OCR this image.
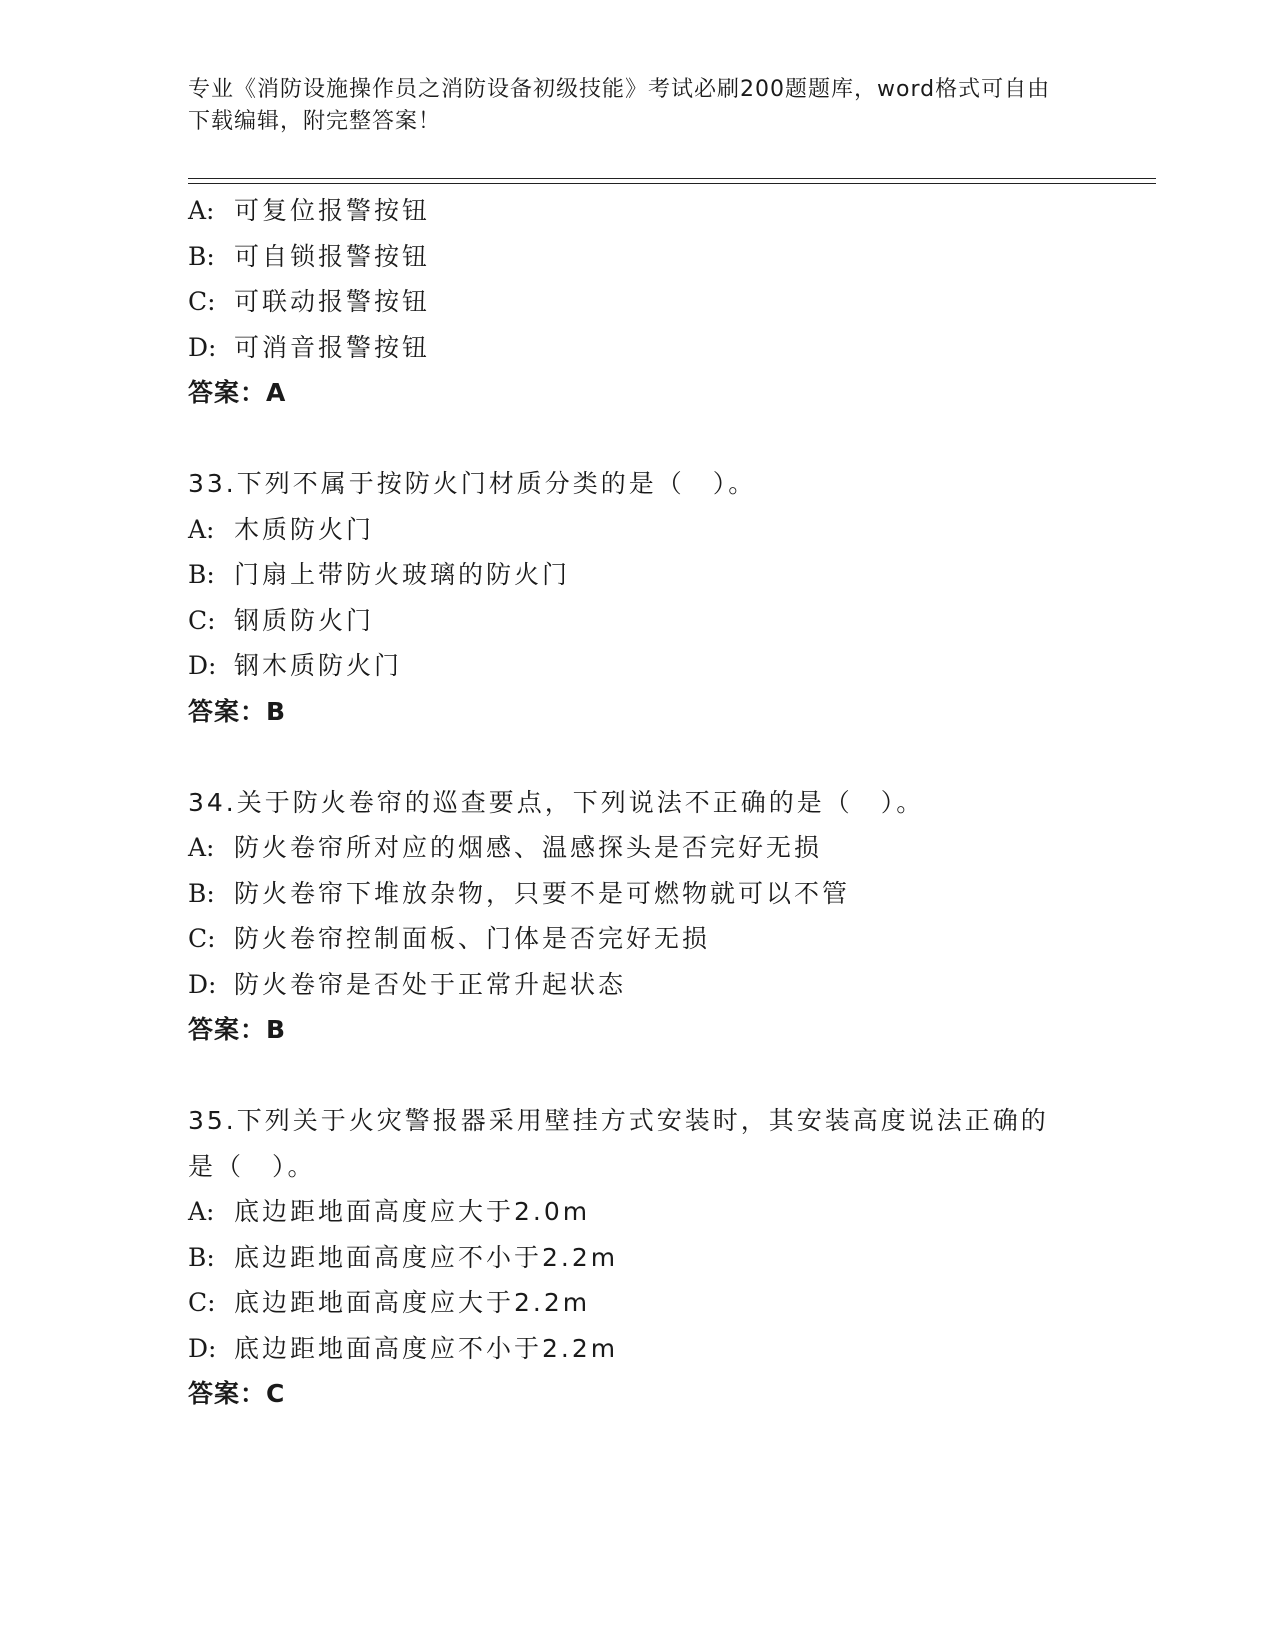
专业《消防设施操作员之消防设备初级技能》考试必刷200题题库，word格式可自由下载编辑，附完整答案！
A: 可复位报警按钮
B: 可自锁报警按钮
C: 可联动报警按钮
D: 可消音报警按钮
答案：A
33.下列不属于按防火门材质分类的是（　）。
A: 木质防火门
B: 门扇上带防火玻璃的防火门
C: 钢质防火门
D: 钢木质防火门
答案：B
34.关于防火卷帘的巡查要点，下列说法不正确的是（　）。
A: 防火卷帘所对应的烟感、温感探头是否完好无损
B: 防火卷帘下堆放杂物，只要不是可燃物就可以不管
C: 防火卷帘控制面板、门体是否完好无损
D: 防火卷帘是否处于正常升起状态
答案：B
35.下列关于火灾警报器采用壁挂方式安装时，其安装高度说法正确的
是（　）。
A: 底边距地面高度应大于2.0m
B: 底边距地面高度应不小于2.2m
C: 底边距地面高度应大于2.2m
D: 底边距地面高度应不小于2.2m
答案：C
